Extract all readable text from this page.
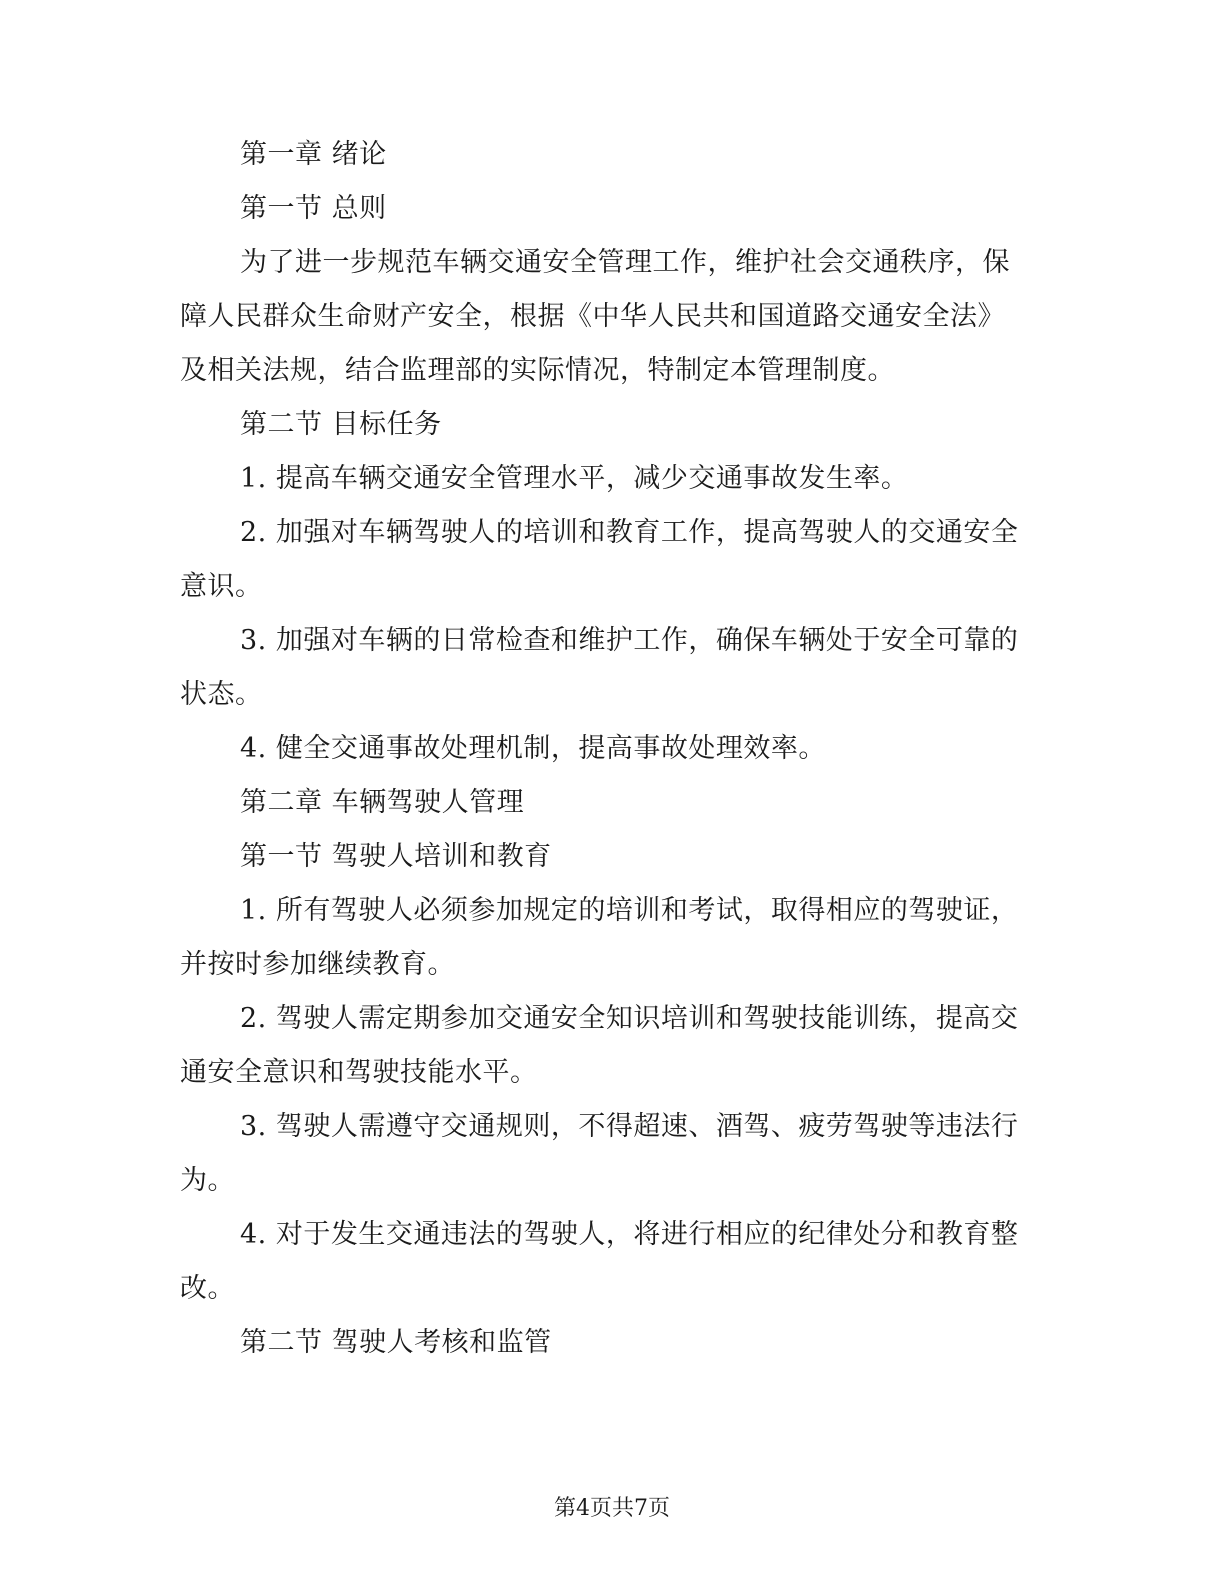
第一章 绪论
第一节 总则
为了进一步规范车辆交通安全管理工作，维护社会交通秩序，保
障人民群众生命财产安全，根据《中华人民共和国道路交通安全法》
及相关法规，结合监理部的实际情况，特制定本管理制度。
第二节 目标任务
1. 提高车辆交通安全管理水平，减少交通事故发生率。
2. 加强对车辆驾驶人的培训和教育工作，提高驾驶人的交通安全
意识。
3. 加强对车辆的日常检查和维护工作，确保车辆处于安全可靠的
状态。
4. 健全交通事故处理机制，提高事故处理效率。
第二章 车辆驾驶人管理
第一节 驾驶人培训和教育
1. 所有驾驶人必须参加规定的培训和考试，取得相应的驾驶证，
并按时参加继续教育。
2. 驾驶人需定期参加交通安全知识培训和驾驶技能训练，提高交
通安全意识和驾驶技能水平。
3. 驾驶人需遵守交通规则，不得超速、酒驾、疲劳驾驶等违法行
为。
4. 对于发生交通违法的驾驶人，将进行相应的纪律处分和教育整
改。
第二节 驾驶人考核和监管
第4页共7页
